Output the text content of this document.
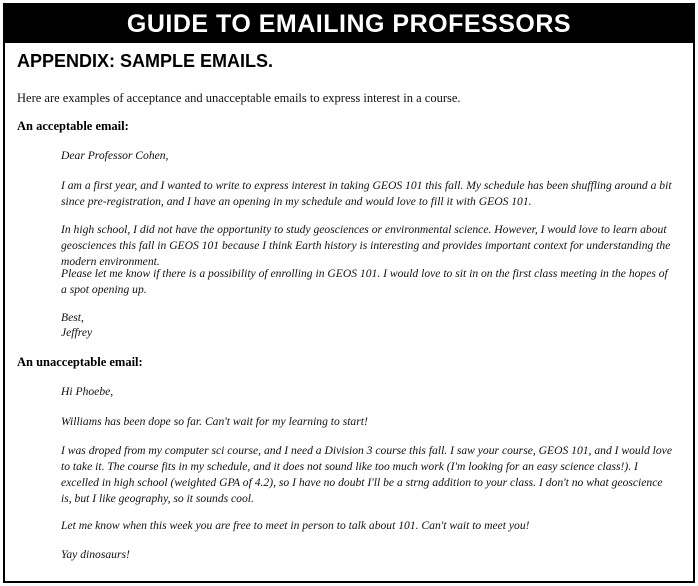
GUIDE TO EMAILING PROFESSORS
APPENDIX: SAMPLE EMAILS.

Here are examples of acceptance and unacceptable emails to express interest in a course.

An acceptable email:

Dear Professor Cohen,

I am a first year, and I wanted to write to express interest in taking GEOS 101 this fall. My schedule has been shuffling around a bit since pre-registration, and I have an opening in my schedule and would love to fill it with GEOS 101.

In high school, I did not have the opportunity to study geosciences or environmental science. However, I would love to learn about geosciences this fall in GEOS 101 because I think Earth history is interesting and provides important context for understanding the modern environment.

Please let me know if there is a possibility of enrolling in GEOS 101. I would love to sit in on the first class meeting in the hopes of a spot opening up.

Best,

Jeffrey

An unacceptable email:

Hi Phoebe,

Williams has been dope so far. Can't wait for my learning to start!

I was droped from my computer sci course, and I need a Division 3 course this fall. I saw your course, GEOS 101, and I would love to take it. The course fits in my schedule, and it does not sound like too much work (I'm looking for an easy science class!). I excelled in high school (weighted GPA of 4.2), so I have no doubt I'll be a strng addition to your class. I don't no what geoscience is, but I like geography, so it sounds cool.

Let me know when this week you are free to meet in person to talk about 101. Can't wait to meet you!

Yay dinosaurs!
